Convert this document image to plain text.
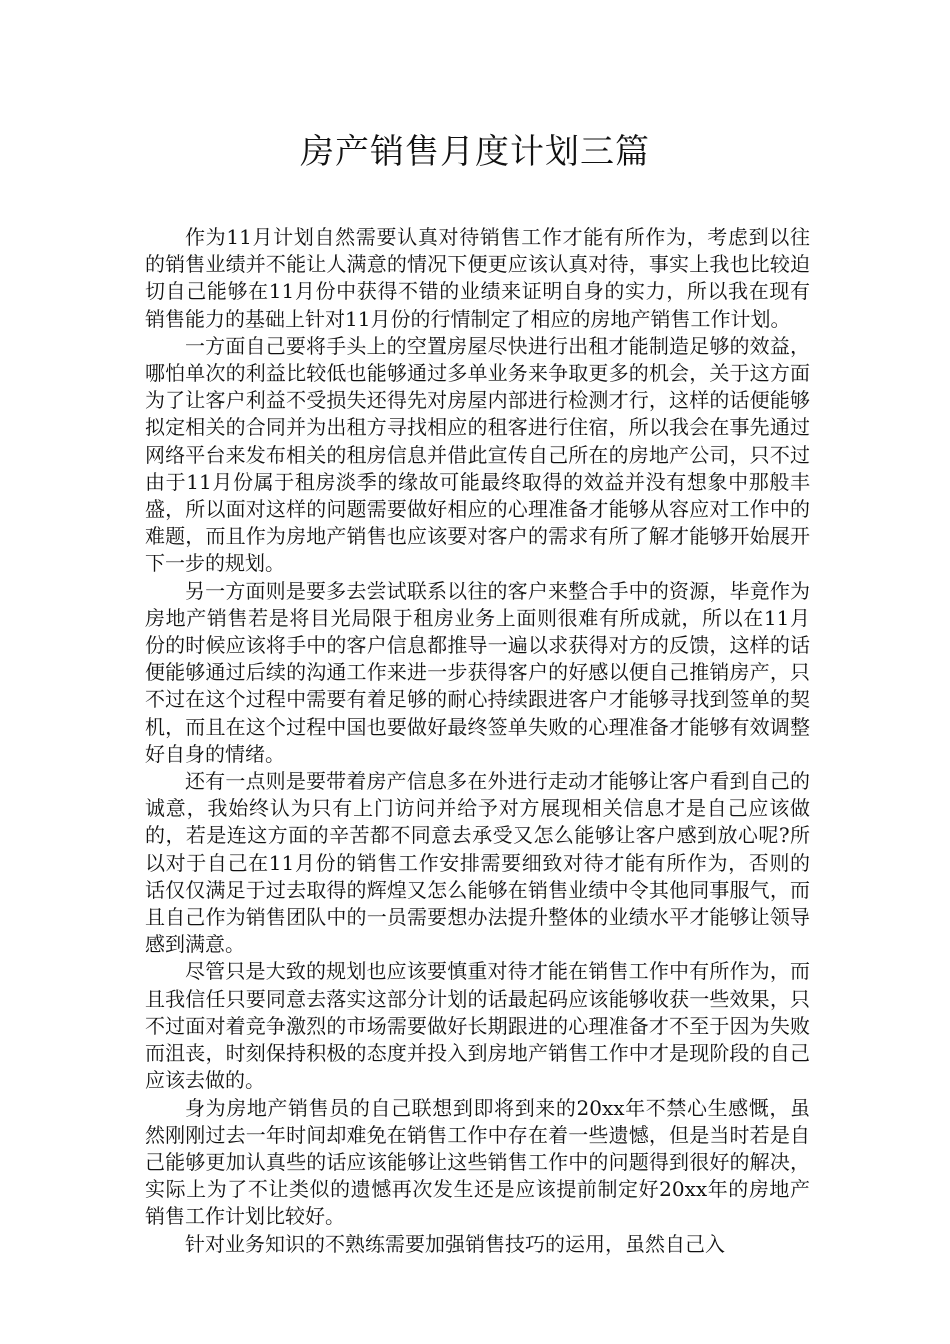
房产销售月度计划三篇

作为11月计划自然需要认真对待销售工作才能有所作为，考虑到以往的销售业绩并不能让人满意的情况下便更应该认真对待，事实上我也比较迫切自己能够在11月份中获得不错的业绩来证明自身的实力，所以我在现有销售能力的基础上针对11月份的行情制定了相应的房地产销售工作计划。

一方面自己要将手头上的空置房屋尽快进行出租才能制造足够的效益，哪怕单次的利益比较低也能够通过多单业务来争取更多的机会，关于这方面为了让客户利益不受损失还得先对房屋内部进行检测才行，这样的话便能够拟定相关的合同并为出租方寻找相应的租客进行住宿，所以我会在事先通过网络平台来发布相关的租房信息并借此宣传自己所在的房地产公司，只不过由于11月份属于租房淡季的缘故可能最终取得的效益并没有想象中那般丰盛，所以面对这样的问题需要做好相应的心理准备才能够从容应对工作中的难题，而且作为房地产销售也应该要对客户的需求有所了解才能够开始展开下一步的规划。

另一方面则是要多去尝试联系以往的客户来整合手中的资源，毕竟作为房地产销售若是将目光局限于租房业务上面则很难有所成就，所以在11月份的时候应该将手中的客户信息都推导一遍以求获得对方的反馈，这样的话便能够通过后续的沟通工作来进一步获得客户的好感以便自己推销房产，只不过在这个过程中需要有着足够的耐心持续跟进客户才能够寻找到签单的契机，而且在这个过程中国也要做好最终签单失败的心理准备才能够有效调整好自身的情绪。

还有一点则是要带着房产信息多在外进行走动才能够让客户看到自己的诚意，我始终认为只有上门访问并给予对方展现相关信息才是自己应该做的，若是连这方面的辛苦都不同意去承受又怎么能够让客户感到放心呢?所以对于自己在11月份的销售工作安排需要细致对待才能有所作为，否则的话仅仅满足于过去取得的辉煌又怎么能够在销售业绩中令其他同事服气，而且自己作为销售团队中的一员需要想办法提升整体的业绩水平才能够让领导感到满意。

尽管只是大致的规划也应该要慎重对待才能在销售工作中有所作为，而且我信任只要同意去落实这部分计划的话最起码应该能够收获一些效果，只不过面对着竞争激烈的市场需要做好长期跟进的心理准备才不至于因为失败而沮丧，时刻保持积极的态度并投入到房地产销售工作中才是现阶段的自己应该去做的。

身为房地产销售员的自己联想到即将到来的20xx年不禁心生感慨，虽然刚刚过去一年时间却难免在销售工作中存在着一些遗憾，但是当时若是自己能够更加认真些的话应该能够让这些销售工作中的问题得到很好的解决，实际上为了不让类似的遗憾再次发生还是应该提前制定好20xx年的房地产销售工作计划比较好。

针对业务知识的不熟练需要加强销售技巧的运用，虽然自己入
